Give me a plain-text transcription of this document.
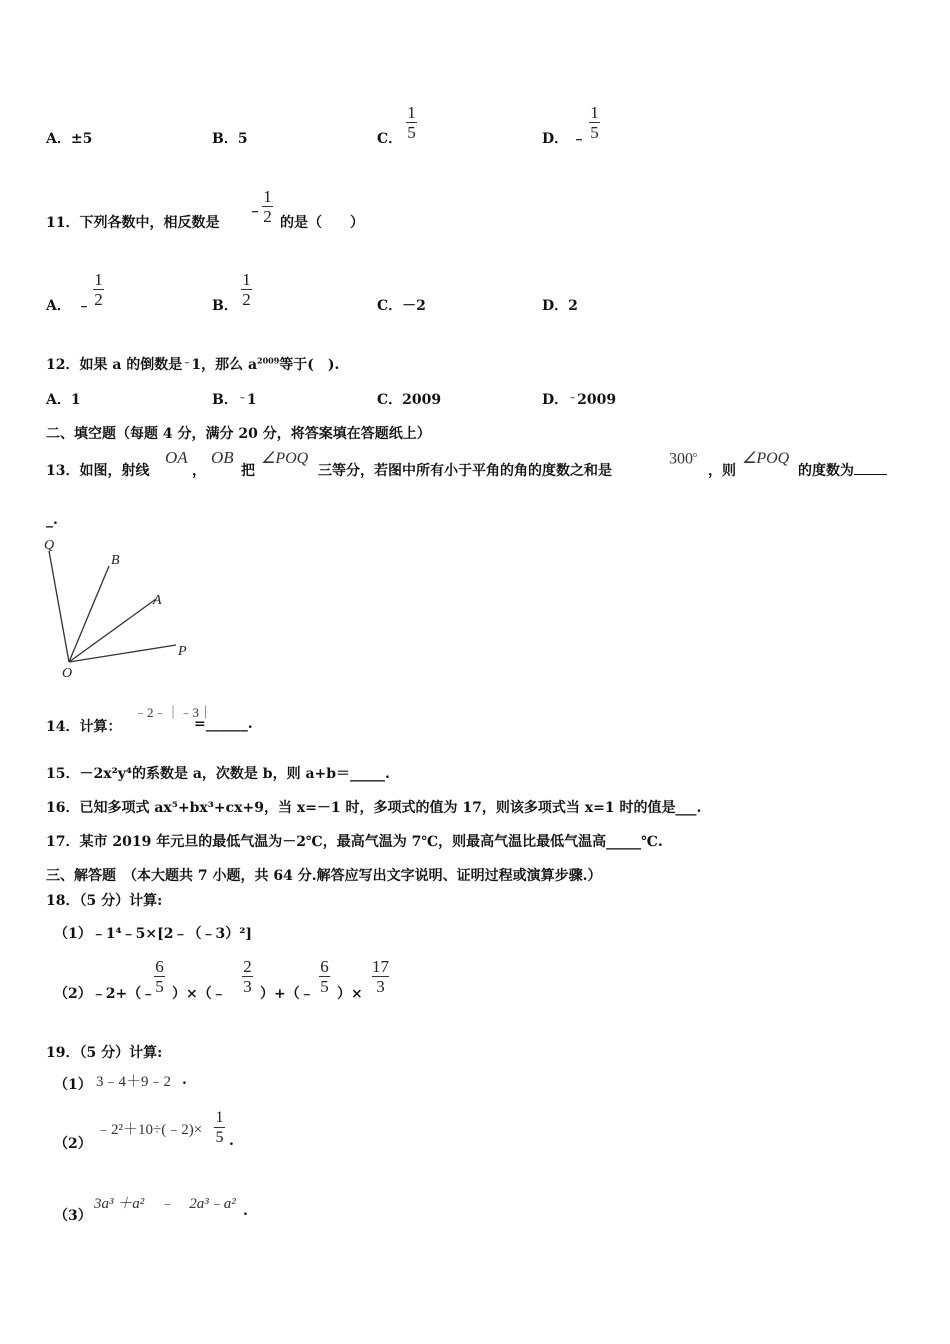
A．±5	B．5	C．
1
5	D． ﹣
1
5
11．下列各数中，相反数是
﹣
1
2 的是（　　）
A． ﹣
1
2	B．
1
2	C．－2	D．2
12．如果 a 的倒数是﹣1，那么 $a^{2009}$等于(　).
A．1	B．﹣1	C．2009	D．﹣2009
二、填空题（每题 4 分，满分 20 分，将答案填在答题纸上）
13．如图，射线
OA
，
OB
把
∠POQ
三等分，若图中所有小于平角的角的度数之和是
300$^o$
，则
∠POQ
的度数为
_.
Q
B
A
P
O
14．计算：
﹣2﹣｜﹣3｜
=______.
15．－2x²y⁴的系数是 a，次数是 b，则 a+b＝_____.
16．已知多项式 ax⁵+bx³+cx+9，当 x=－1 时，多项式的值为 17，则该多项式当 x=1 时的值是___.
17．某市 2019 年元旦的最低气温为－2℃，最高气温为 7℃，则最高气温比最低气温高_____℃.
三、解答题　（本大题共 7 小题，共 64 分.解答应写出文字说明、证明过程或演算步骤.）
18．（5 分）计算:
（1）﹣1⁴﹣5×[2﹣（﹣3）²]
（2）﹣2+（﹣
6
5 ）×（﹣
2
3 ）+（﹣
6
5 ）×
17
3
19．（5 分）计算:
（1） 3﹣4＋9﹣2 .
（2）
﹣2²＋10÷(﹣2)×
1
5 .
（3）
3a³ ＋a²　﹣　2a³﹣a² .
